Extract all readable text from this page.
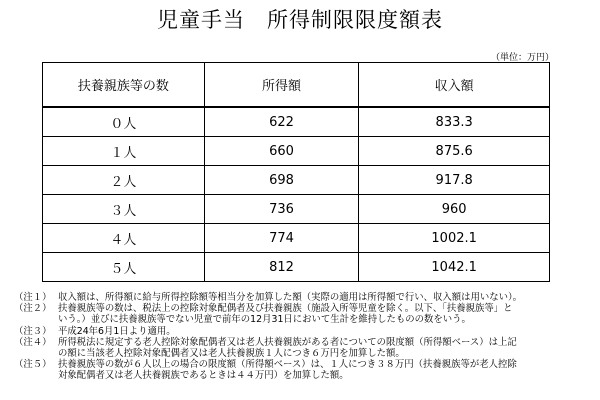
児童手当 所得制限限度額表
（単位：万円）
扶養親族等の数	所得額	収入額
０人	622	833.3
１人	660	875.6
２人	698	917.8
３人	736	960
４人	774	1002.1
５人	812	1042.1
（注１） 収入額は、所得額に給与所得控除額等相当分を加算した額（実際の適用は所得額で行い、収入額は用いない）。
（注２） 扶養親族等の数は、税法上の控除対象配偶者及び扶養親族（施設入所等児童を除く。以下、「扶養親族等」と
いう。）並びに扶養親族等でない児童で前年の12月31日において生計を維持したものの数をいう。
（注３） 平成24年6月1日より適用。
（注４） 所得税法に規定する老人控除対象配偶者又は老人扶養親族がある者についての限度額（所得額ベース）は上記
の額に当該老人控除対象配偶者又は老人扶養親族１人につき６万円を加算した額。
（注５） 扶養親族等の数が６人以上の場合の限度額（所得額ベース）は、１人につき３８万円（扶養親族等が老人控除
対象配偶者又は老人扶養親族であるときは４４万円）を加算した額。
